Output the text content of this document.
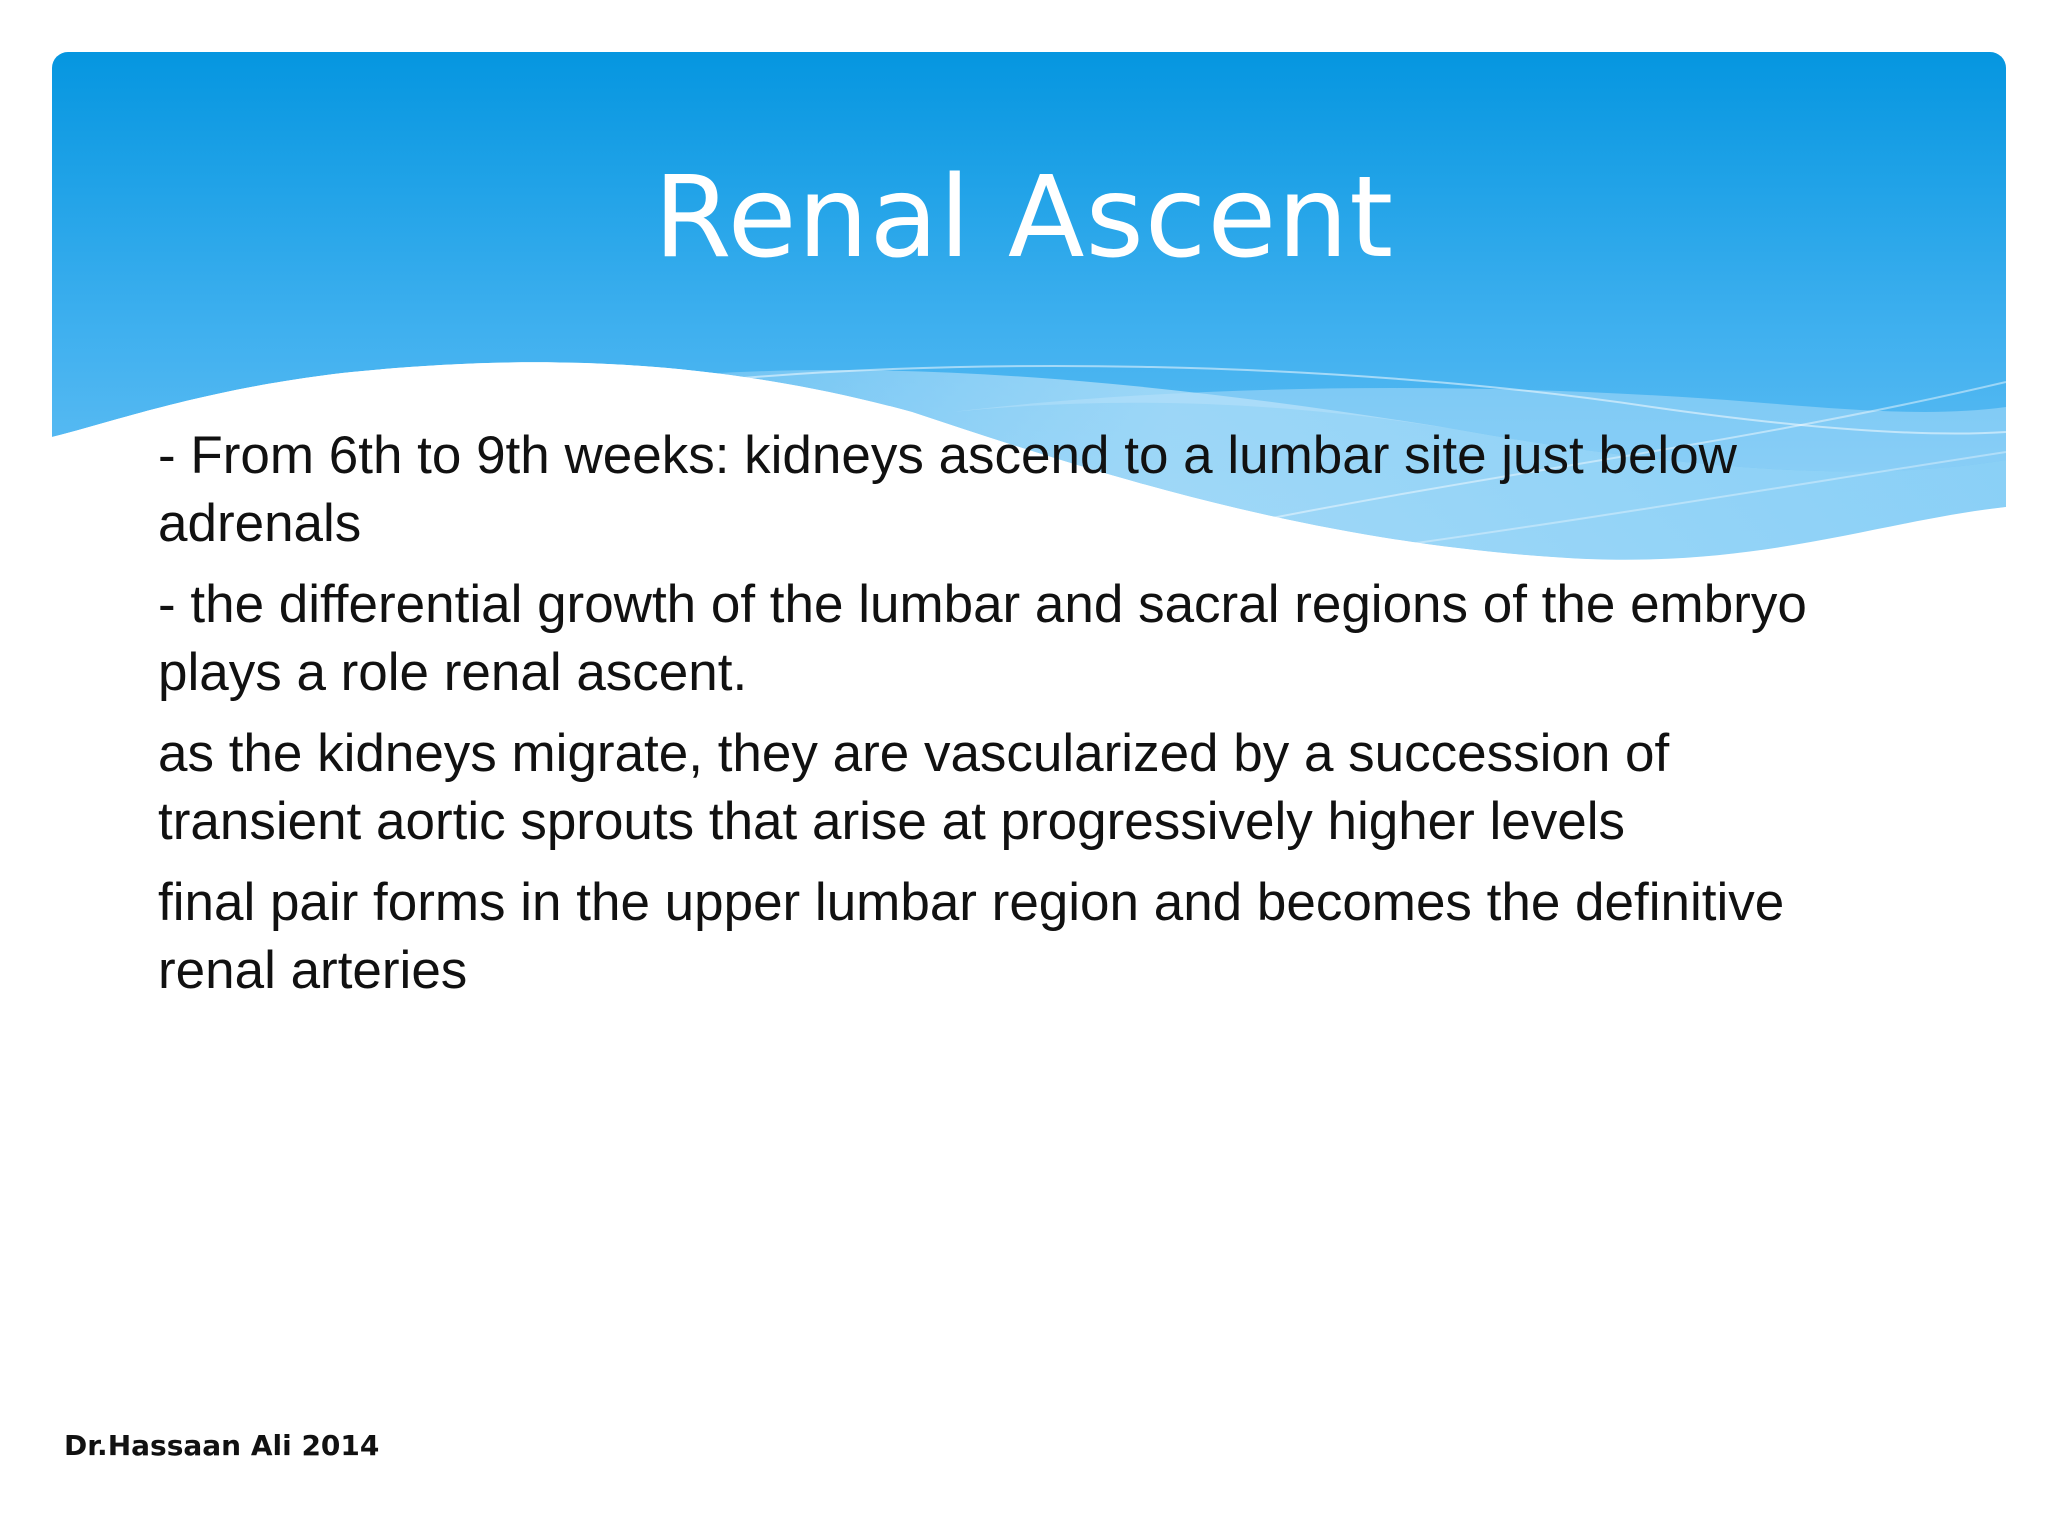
Renal Ascent

- From 6th to 9th weeks: kidneys ascend to a lumbar site just below adrenals

- the differential growth of the lumbar and sacral regions of the embryo plays a role renal ascent.

as the kidneys migrate, they are vascularized by a succession of transient aortic sprouts that arise at progressively higher levels

final pair forms in the upper lumbar region and becomes the definitive renal arteries

Dr.Hassaan Ali 2014
